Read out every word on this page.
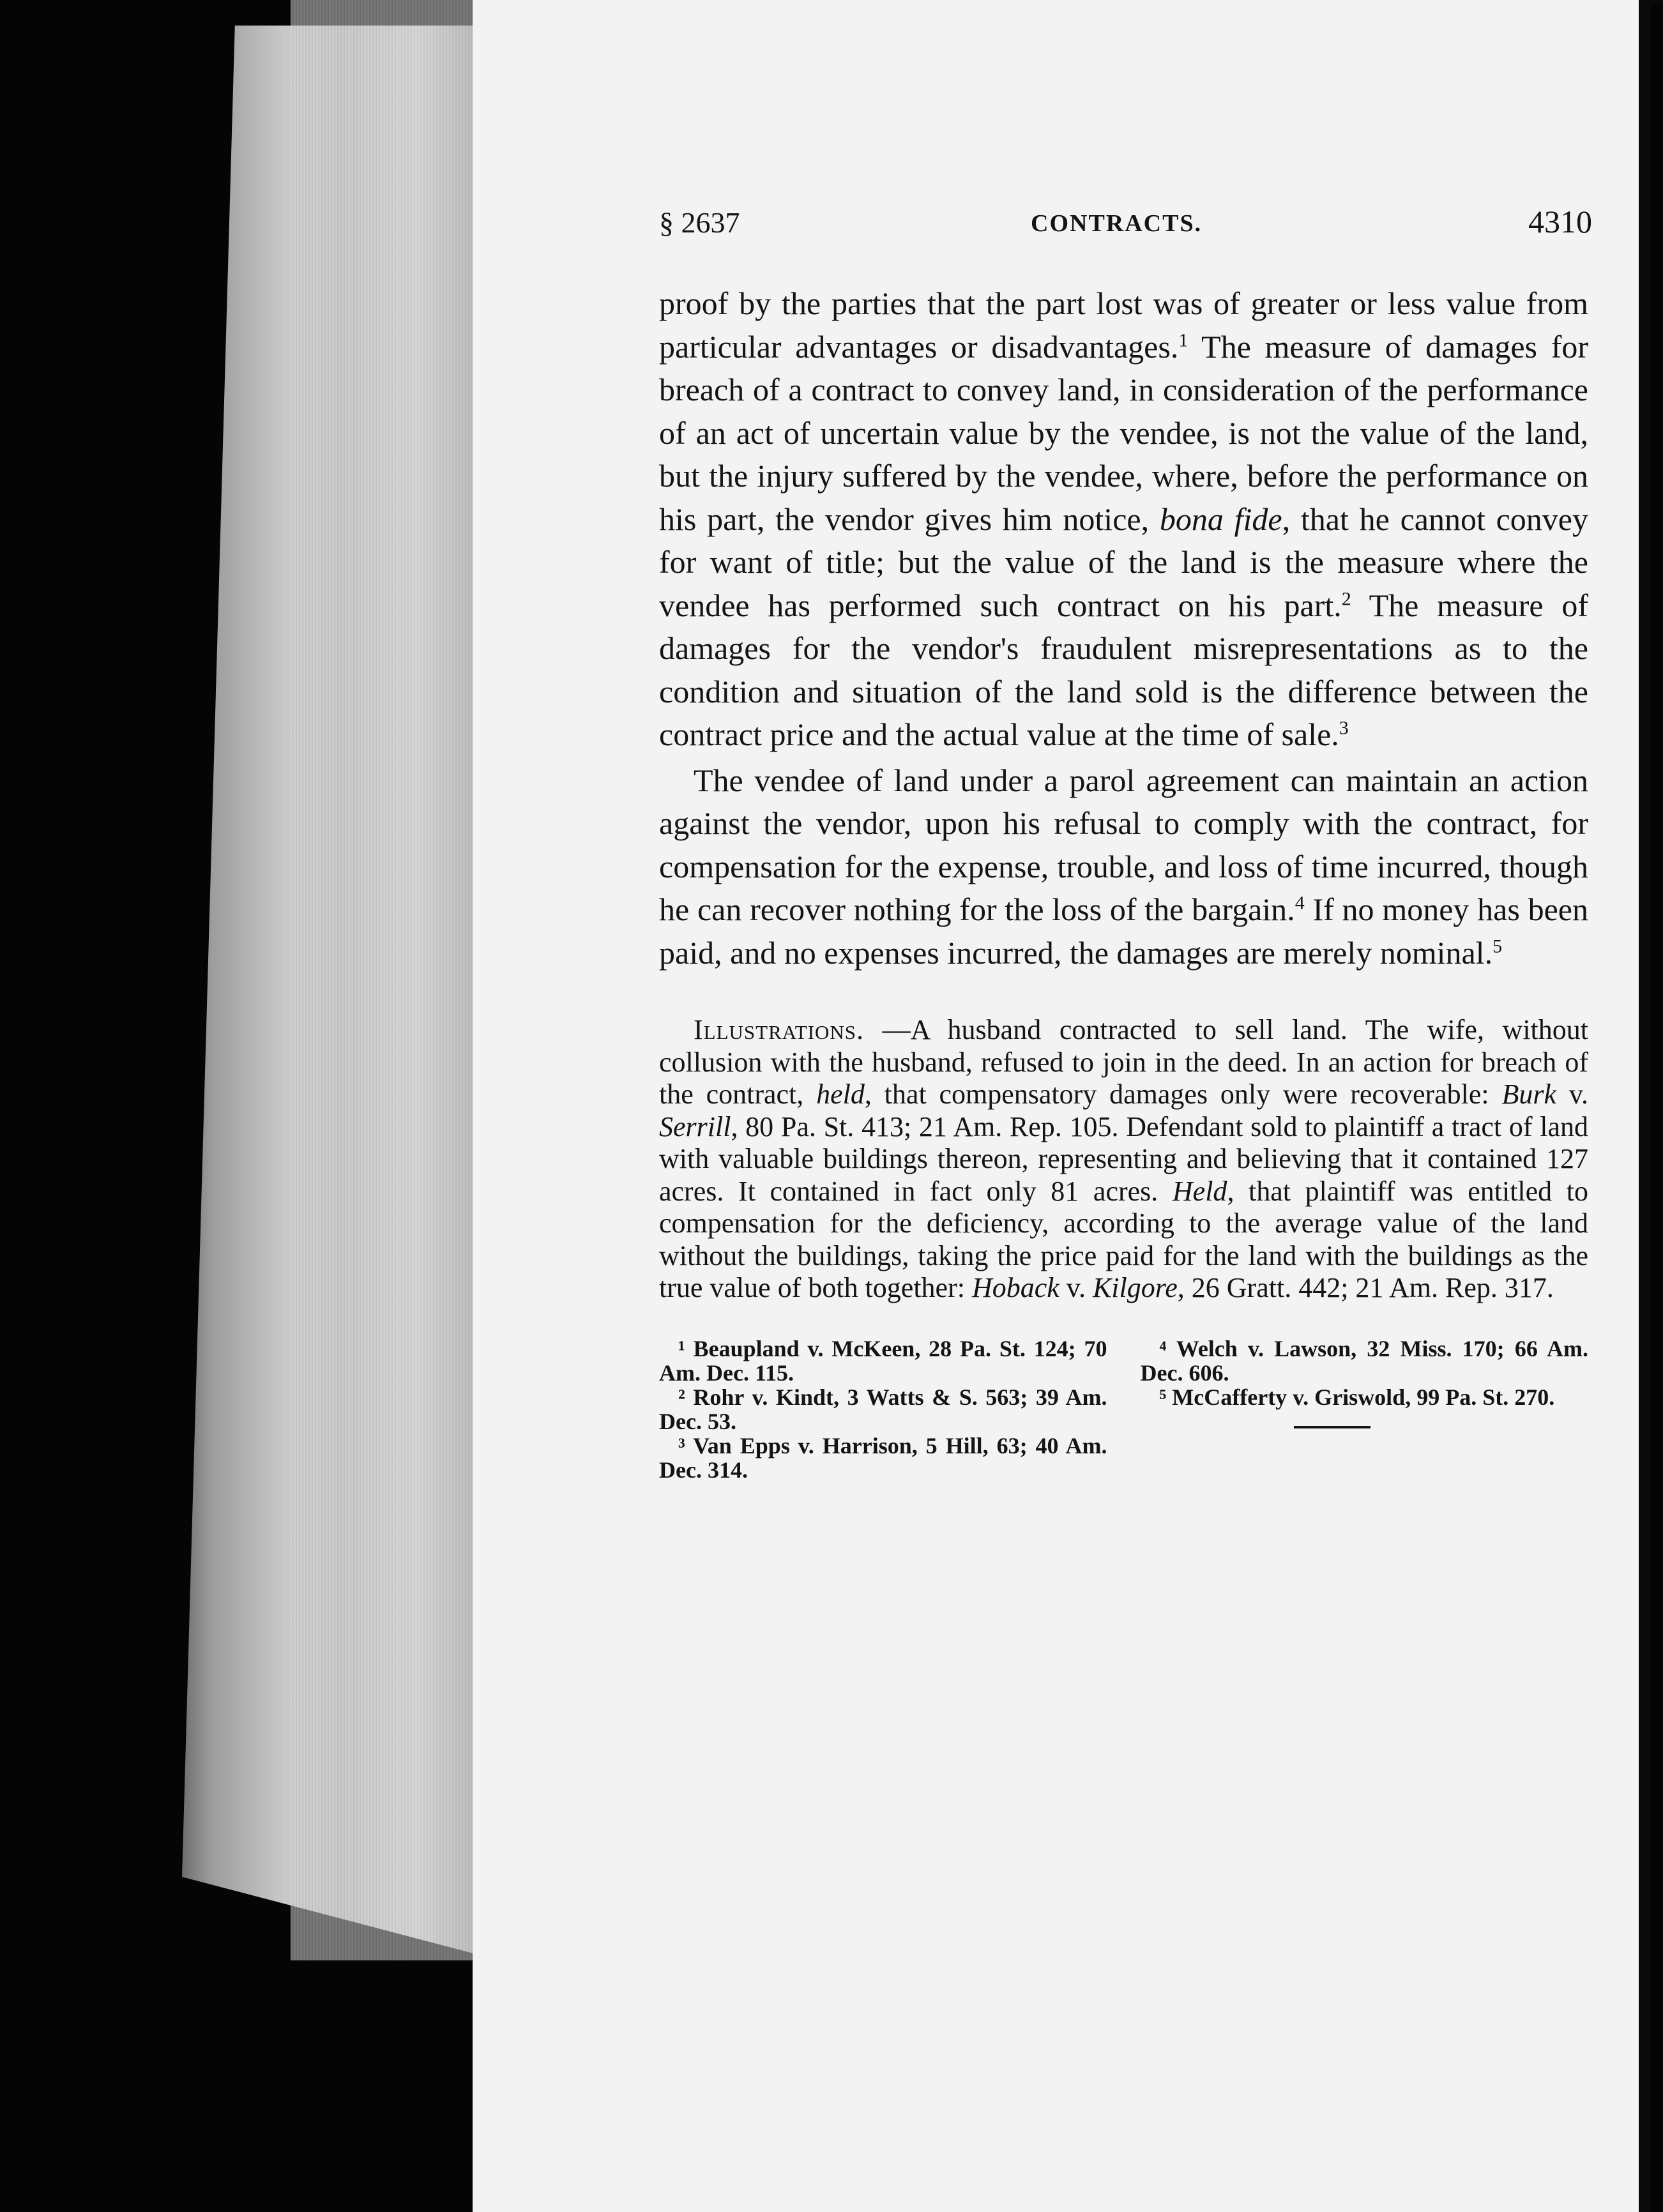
§ 2637	CONTRACTS.	4310

proof by the parties that the part lost was of greater or less value from particular advantages or disadvantages.$^1$ The measure of damages for breach of a contract to convey land, in consideration of the performance of an act of uncertain value by the vendee, is not the value of the land, but the injury suffered by the vendee, where, before the performance on his part, the vendor gives him notice, bona fide, that he cannot convey for want of title; but the value of the land is the measure where the vendee has performed such contract on his part.$^2$ The measure of damages for the vendor's fraudulent misrepresentations as to the condition and situation of the land sold is the difference between the contract price and the actual value at the time of sale.$^3$

The vendee of land under a parol agreement can maintain an action against the vendor, upon his refusal to comply with the contract, for compensation for the expense, trouble, and loss of time incurred, though he can recover nothing for the loss of the bargain.$^4$ If no money has been paid, and no expenses incurred, the damages are merely nominal.$^5$

Illustrations. —A husband contracted to sell land. The wife, without collusion with the husband, refused to join in the deed. In an action for breach of the contract, held, that compensatory damages only were recoverable: Burk v. Serrill, 80 Pa. St. 413; 21 Am. Rep. 105. Defendant sold to plaintiff a tract of land with valuable buildings thereon, representing and believing that it contained 127 acres. It contained in fact only 81 acres. Held, that plaintiff was entitled to compensation for the deficiency, according to the average value of the land without the buildings, taking the price paid for the land with the buildings as the true value of both together: Hoback v. Kilgore, 26 Gratt. 442; 21 Am. Rep. 317.

¹ Beaupland v. McKeen, 28 Pa. St. 124; 70 Am. Dec. 115.

² Rohr v. Kindt, 3 Watts & S. 563; 39 Am. Dec. 53.

³ Van Epps v. Harrison, 5 Hill, 63; 40 Am. Dec. 314.

⁴ Welch v. Lawson, 32 Miss. 170; 66 Am. Dec. 606.

⁵ McCafferty v. Griswold, 99 Pa. St. 270.
